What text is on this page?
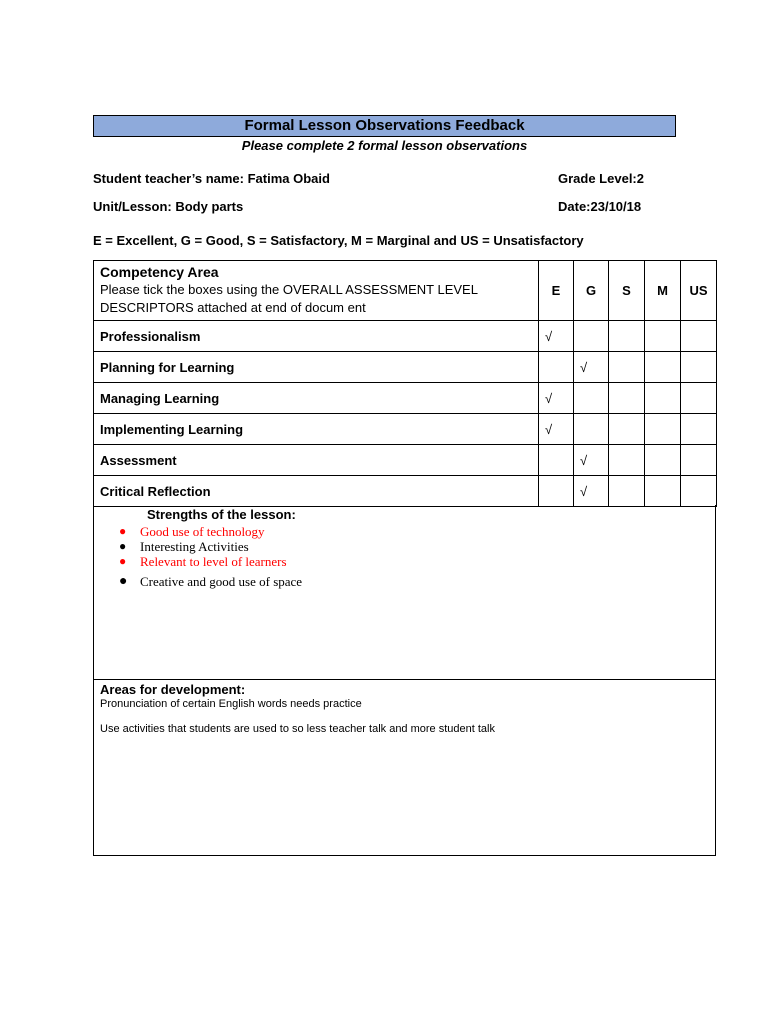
Formal Lesson Observations Feedback
Please complete 2 formal lesson observations
Student teacher’s name: Fatima Obaid	Grade Level:2
Unit/Lesson: Body parts	Date:23/10/18
E = Excellent, G = Good, S = Satisfactory, M = Marginal and US = Unsatisfactory
Competency Area
Please tick the boxes using the OVERALL ASSESSMENT LEVEL DESCRIPTORS attached at end of docum ent	E	G	S	M	US
Professionalism	√				
Planning for Learning		√			
Managing Learning	√				
Implementing Learning	√				
Assessment		√			
Critical Reflection		√			
Strengths of the lesson:
● Good use of technology
● Interesting Activities
● Relevant to level of learners
● Creative and good use of space
Areas for development:
Pronunciation of certain English words needs practice
Use activities that students are used to so less teacher talk and more student talk
